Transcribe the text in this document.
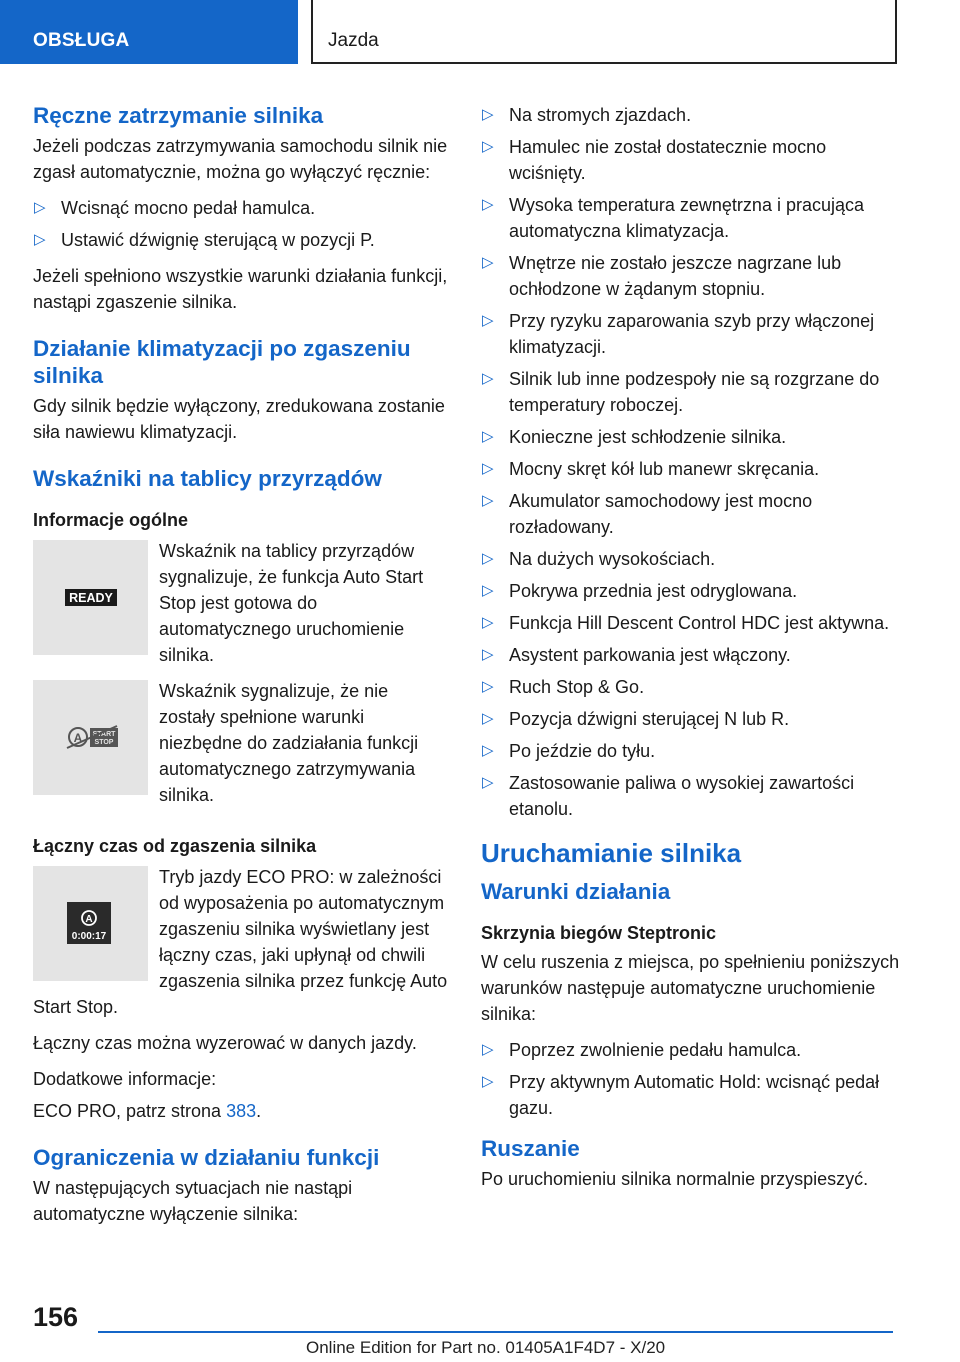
OBSŁUGA	Jazda
Ręczne zatrzymanie silnika

Jeżeli podczas zatrzymywania samochodu silnik nie zgasł automatycznie, można go wyłączyć ręcznie:

▷ Wcisnąć mocno pedał hamulca.
▷ Ustawić dźwignię sterującą w pozycji P.

Jeżeli spełniono wszystkie warunki działania funkcji, nastąpi zgaszenie silnika.

Działanie klimatyzacji po zgaszeniu silnika

Gdy silnik będzie wyłączony, zredukowana zostanie siła nawiewu klimatyzacji.

Wskaźniki na tablicy przyrządów
Informacje ogólne
READY

Wskaźnik na tablicy przyrządów sygnalizuje, że funkcja Auto Start Stop jest gotowa do automatycznego uruchomienie silnika.

A START
STOP

Wskaźnik sygnalizuje, że nie zostały spełnione warunki niezbędne do zadziałania funkcji automatycznego zatrzymywania silnika.

Łączny czas od zgaszenia silnika
A
0:00:17

Tryb jazdy ECO PRO: w zależności od wyposażenia po automatycznym zgaszeniu silnika wyświetlany jest łączny czas, jaki upłynął od chwili zgaszenia silnika przez funkcję Auto Start Stop.

Łączny czas można wyzerować w danych jazdy.

Dodatkowe informacje:

ECO PRO, patrz strona 383.

Ograniczenia w działaniu funkcji

W następujących sytuacjach nie nastąpi automatyczne wyłączenie silnika:

▷ Na stromych zjazdach.
▷ Hamulec nie został dostatecznie mocno wciśnięty.
▷ Wysoka temperatura zewnętrzna i pracująca automatyczna klimatyzacja.
▷ Wnętrze nie zostało jeszcze nagrzane lub ochłodzone w żądanym stopniu.
▷ Przy ryzyku zaparowania szyb przy włączonej klimatyzacji.
▷ Silnik lub inne podzespoły nie są rozgrzane do temperatury roboczej.
▷ Konieczne jest schłodzenie silnika.
▷ Mocny skręt kół lub manewr skręcania.
▷ Akumulator samochodowy jest mocno rozładowany.
▷ Na dużych wysokościach.
▷ Pokrywa przednia jest odryglowana.
▷ Funkcja Hill Descent Control HDC jest aktywna.
▷ Asystent parkowania jest włączony.
▷ Ruch Stop & Go.
▷ Pozycja dźwigni sterującej N lub R.
▷ Po jeździe do tyłu.
▷ Zastosowanie paliwa o wysokiej zawartości etanolu.
Uruchamianie silnika
Warunki działania
Skrzynia biegów Steptronic

W celu ruszenia z miejsca, po spełnieniu poniższych warunków następuje automatyczne uruchomienie silnika:

▷ Poprzez zwolnienie pedału hamulca.
▷ Przy aktywnym Automatic Hold: wcisnąć pedał gazu.
Ruszanie

Po uruchomieniu silnika normalnie przyspieszyć.

156
Online Edition for Part no. 01405A1F4D7 - X/20
